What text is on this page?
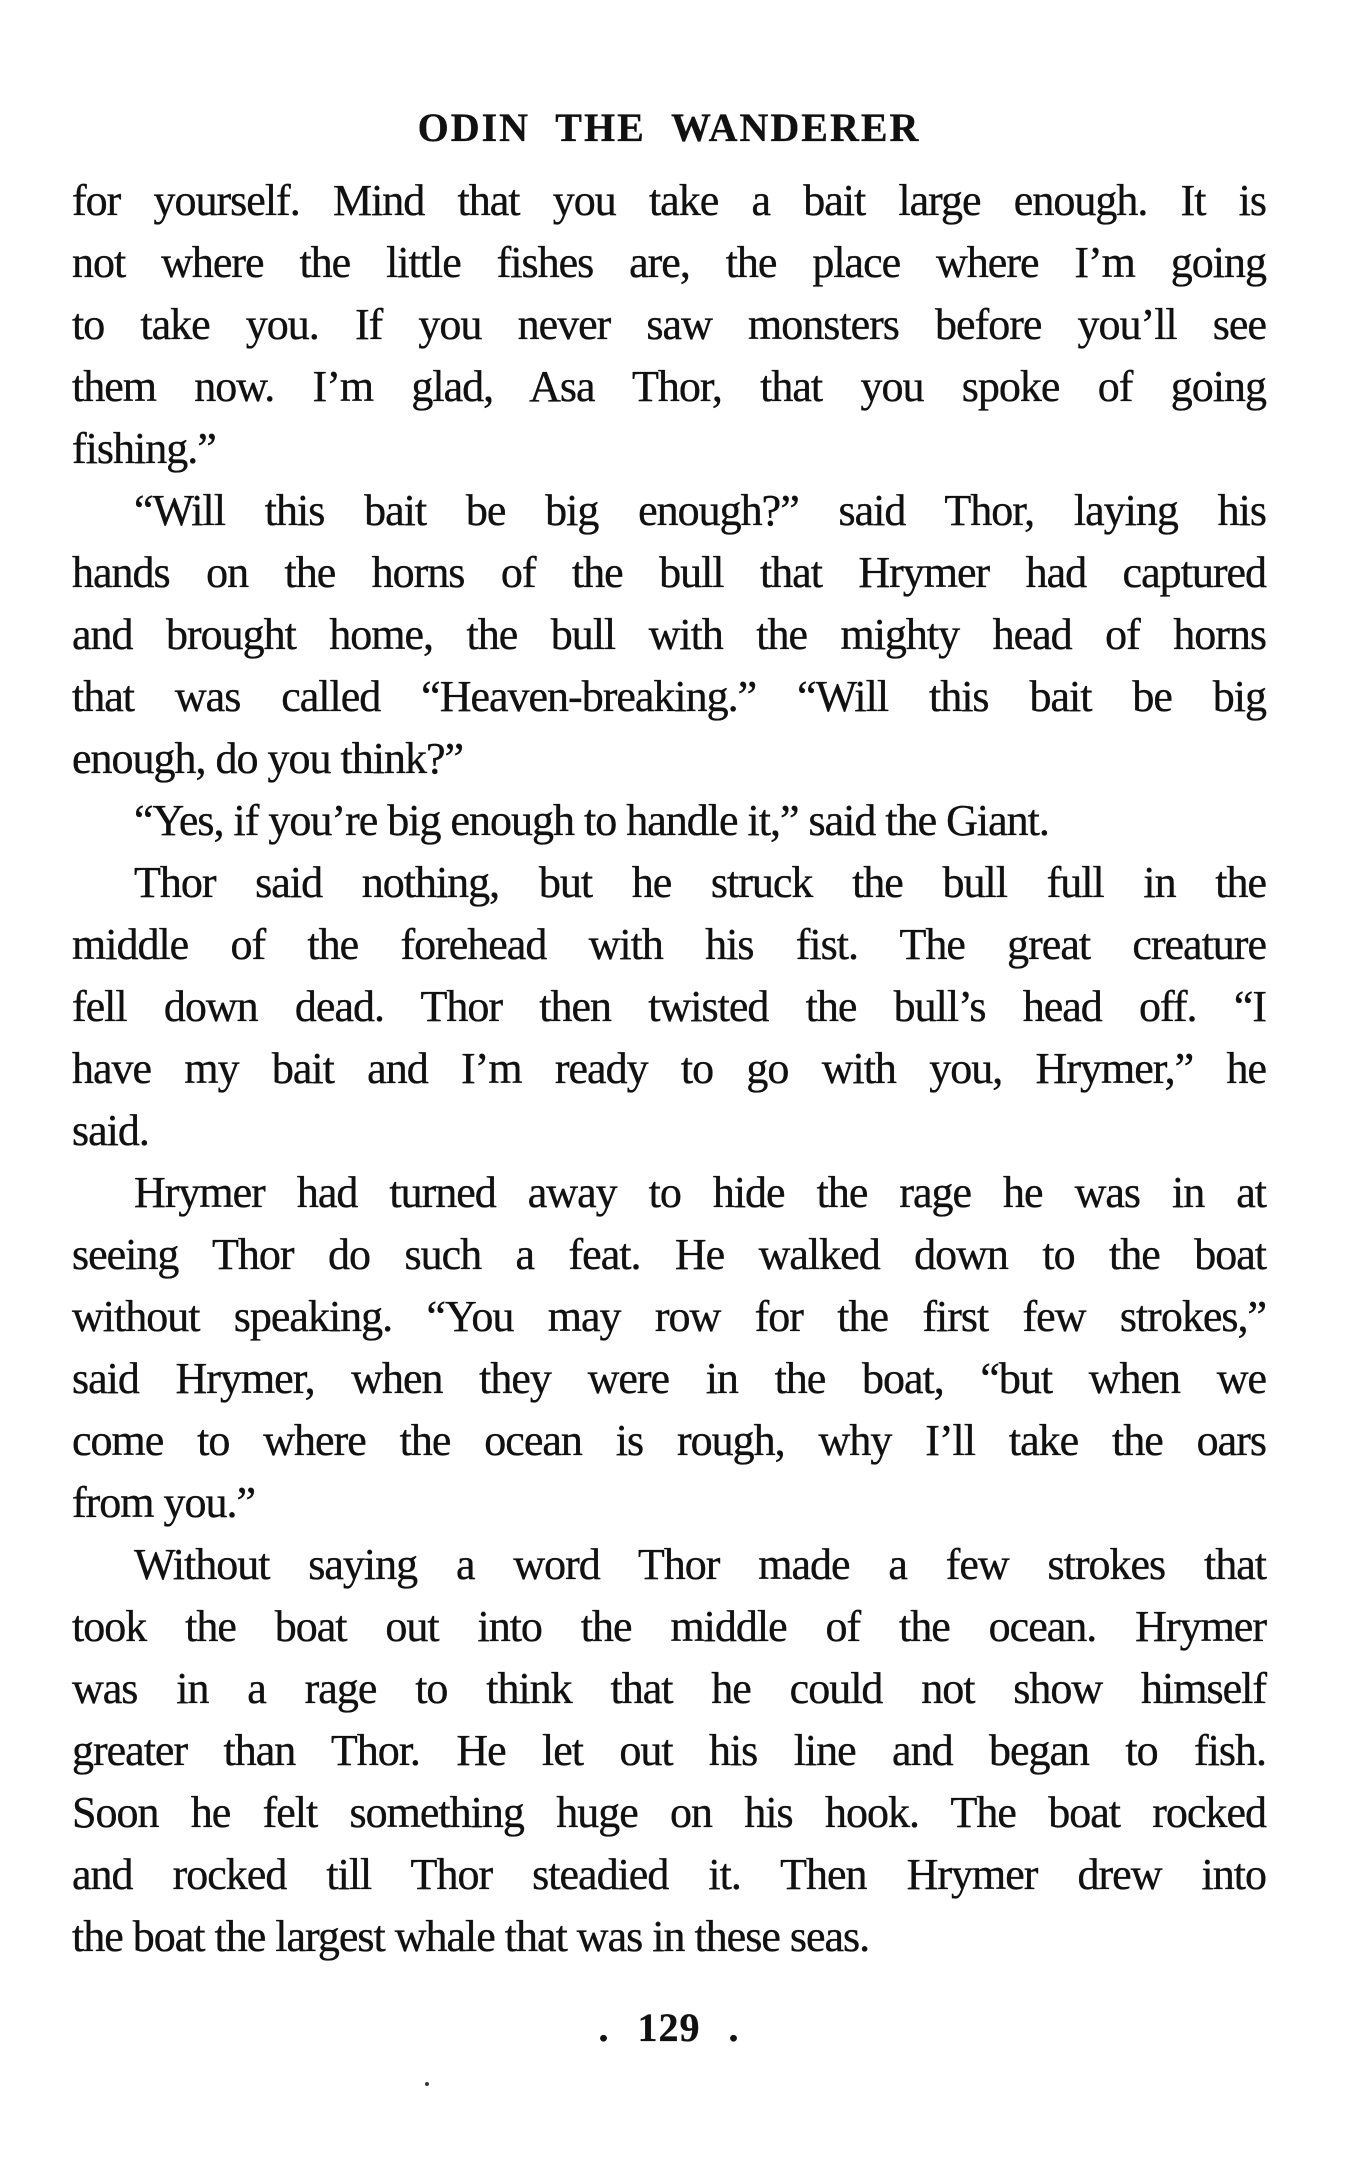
ODIN THE WANDERER
for yourself. Mind that you take a bait large enough. It is
not where the little fishes are, the place where I’m going
to take you. If you never saw monsters before you’ll see
them now. I’m glad, Asa Thor, that you spoke of going
fishing.”
“Will this bait be big enough?” said Thor, laying his
hands on the horns of the bull that Hrymer had captured
and brought home, the bull with the mighty head of horns
that was called “Heaven-breaking.” “Will this bait be big
enough, do you think?”
“Yes, if you’re big enough to handle it,” said the Giant.
Thor said nothing, but he struck the bull full in the
middle of the forehead with his fist. The great creature
fell down dead. Thor then twisted the bull’s head off. “I
have my bait and I’m ready to go with you, Hrymer,” he
said.
Hrymer had turned away to hide the rage he was in at
seeing Thor do such a feat. He walked down to the boat
without speaking. “You may row for the first few strokes,”
said Hrymer, when they were in the boat, “but when we
come to where the ocean is rough, why I’ll take the oars
from you.”
Without saying a word Thor made a few strokes that
took the boat out into the middle of the ocean. Hrymer
was in a rage to think that he could not show himself
greater than Thor. He let out his line and began to fish.
Soon he felt something huge on his hook. The boat rocked
and rocked till Thor steadied it. Then Hrymer drew into
the boat the largest whale that was in these seas.
. 129 .
